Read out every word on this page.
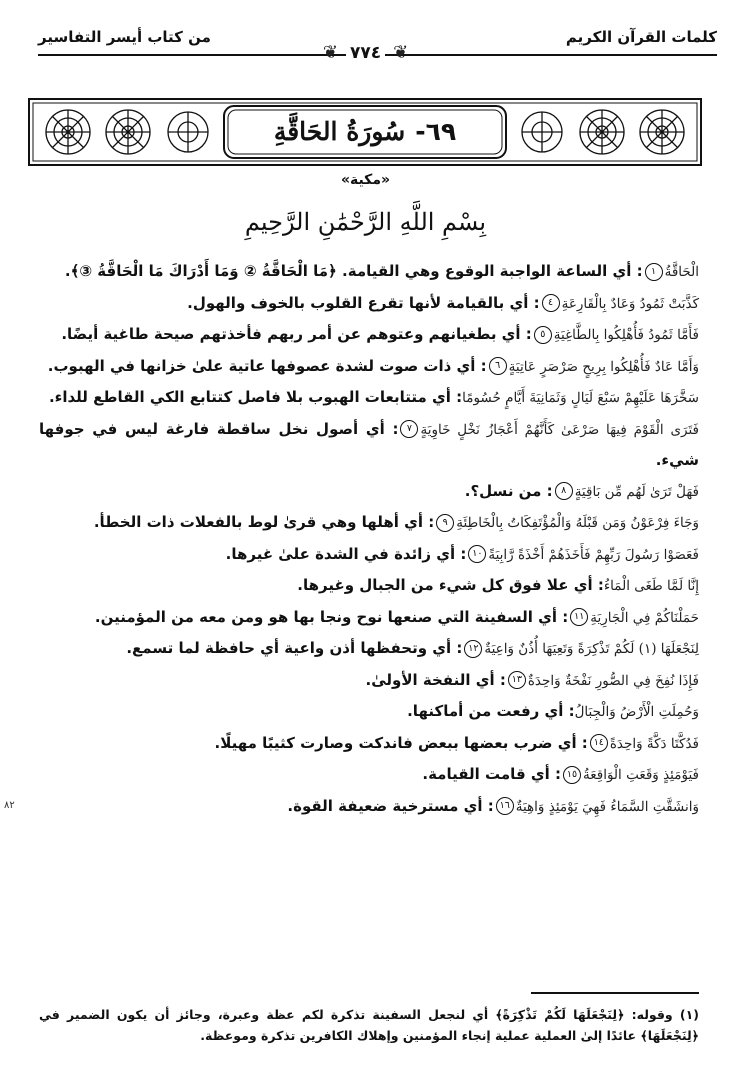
كلمات القرآن الكريم
من كتاب أيسر التفاسير
❦
٧٧٤
❦
٦٩-
سُورَةُ الحَاقَّةِ
«مكية»
بِسْمِ اللَّهِ الرَّحْمَٰنِ الرَّحِيمِ
الْحَاقَّةُ١: أي الساعة الواجبة الوقوع وهي القيامة. ﴿مَا الْحَاقَّةُ ② وَمَا أَدْرَاكَ مَا الْحَاقَّةُ ③﴾.
كَذَّبَتْ ثَمُودُ وَعَادٌ بِالْقَارِعَةِ٤: أي بالقيامة لأنها تقرع القلوب بالخوف والهول.
فَأَمَّا ثَمُودُ فَأُهْلِكُوا بِالطَّاغِيَةِ٥: أي بطغيانهم وعتوهم عن أمر ربهم فأخذتهم صيحة طاغية أيضًا.
وَأَمَّا عَادٌ فَأُهْلِكُوا بِرِيحٍ صَرْصَرٍ عَاتِيَةٍ٦: أي ذات صوت لشدة عصوفها عاتية علىٰ خزانها في الهبوب.
سَخَّرَهَا عَلَيْهِمْ سَبْعَ لَيَالٍ وَثَمَانِيَةَ أَيَّامٍ حُسُومًا: أي متتابعات الهبوب بلا فاصل كتتابع الكي القاطع للداء.
فَتَرَى الْقَوْمَ فِيهَا صَرْعَىٰ كَأَنَّهُمْ أَعْجَازُ نَخْلٍ خَاوِيَةٍ٧: أي أصول نخل ساقطة فارغة ليس في جوفها شيء.
فَهَلْ تَرَىٰ لَهُم مِّن بَاقِيَةٍ٨: من نسل؟.
وَجَاءَ فِرْعَوْنُ وَمَن قَبْلَهُ وَالْمُؤْتَفِكَاتُ بِالْخَاطِئَةِ٩: أي أهلها وهي قرىٰ لوط بالفعلات ذات الخطأ.
فَعَصَوْا رَسُولَ رَبِّهِمْ فَأَخَذَهُمْ أَخْذَةً رَّابِيَةً١٠: أي زائدة في الشدة علىٰ غيرها.
إِنَّا لَمَّا طَغَى الْمَاءُ: أي علا فوق كل شيء من الجبال وغيرها.
حَمَلْنَاكُمْ فِي الْجَارِيَةِ١١: أي السفينة التي صنعها نوح ونجا بها هو ومن معه من المؤمنين.
لِنَجْعَلَهَا (١) لَكُمْ تَذْكِرَةً وَتَعِيَهَا أُذُنٌ وَاعِيَةٌ١٢: أي وتحفظها أذن واعية أي حافظة لما تسمع.
فَإِذَا نُفِخَ فِي الصُّورِ نَفْخَةٌ وَاحِدَةٌ١٣: أي النفخة الأولىٰ.
وَحُمِلَتِ الْأَرْضُ وَالْجِبَالُ: أي رفعت من أماكنها.
فَدُكَّتَا دَكَّةً وَاحِدَةً١٤: أي ضرب بعضها ببعض فاندكت وصارت كثيبًا مهيلًا.
فَيَوْمَئِذٍ وَقَعَتِ الْوَاقِعَةُ١٥: أي قامت القيامة.
وَانشَقَّتِ السَّمَاءُ فَهِيَ يَوْمَئِذٍ وَاهِيَةٌ١٦: أي مسترخية ضعيفة القوة.
٨٢
(١) وقوله: ﴿لِنَجْعَلَهَا لَكُمْ تَذْكِرَةً﴾ أي لنجعل السفينة تذكرة لكم عظة وعبرة، وجائز أن يكون الضمير في ﴿لِنَجْعَلَهَا﴾ عائدًا إلىٰ العملية عملية إنجاء المؤمنين وإهلاك الكافرين تذكرة وموعظة.
